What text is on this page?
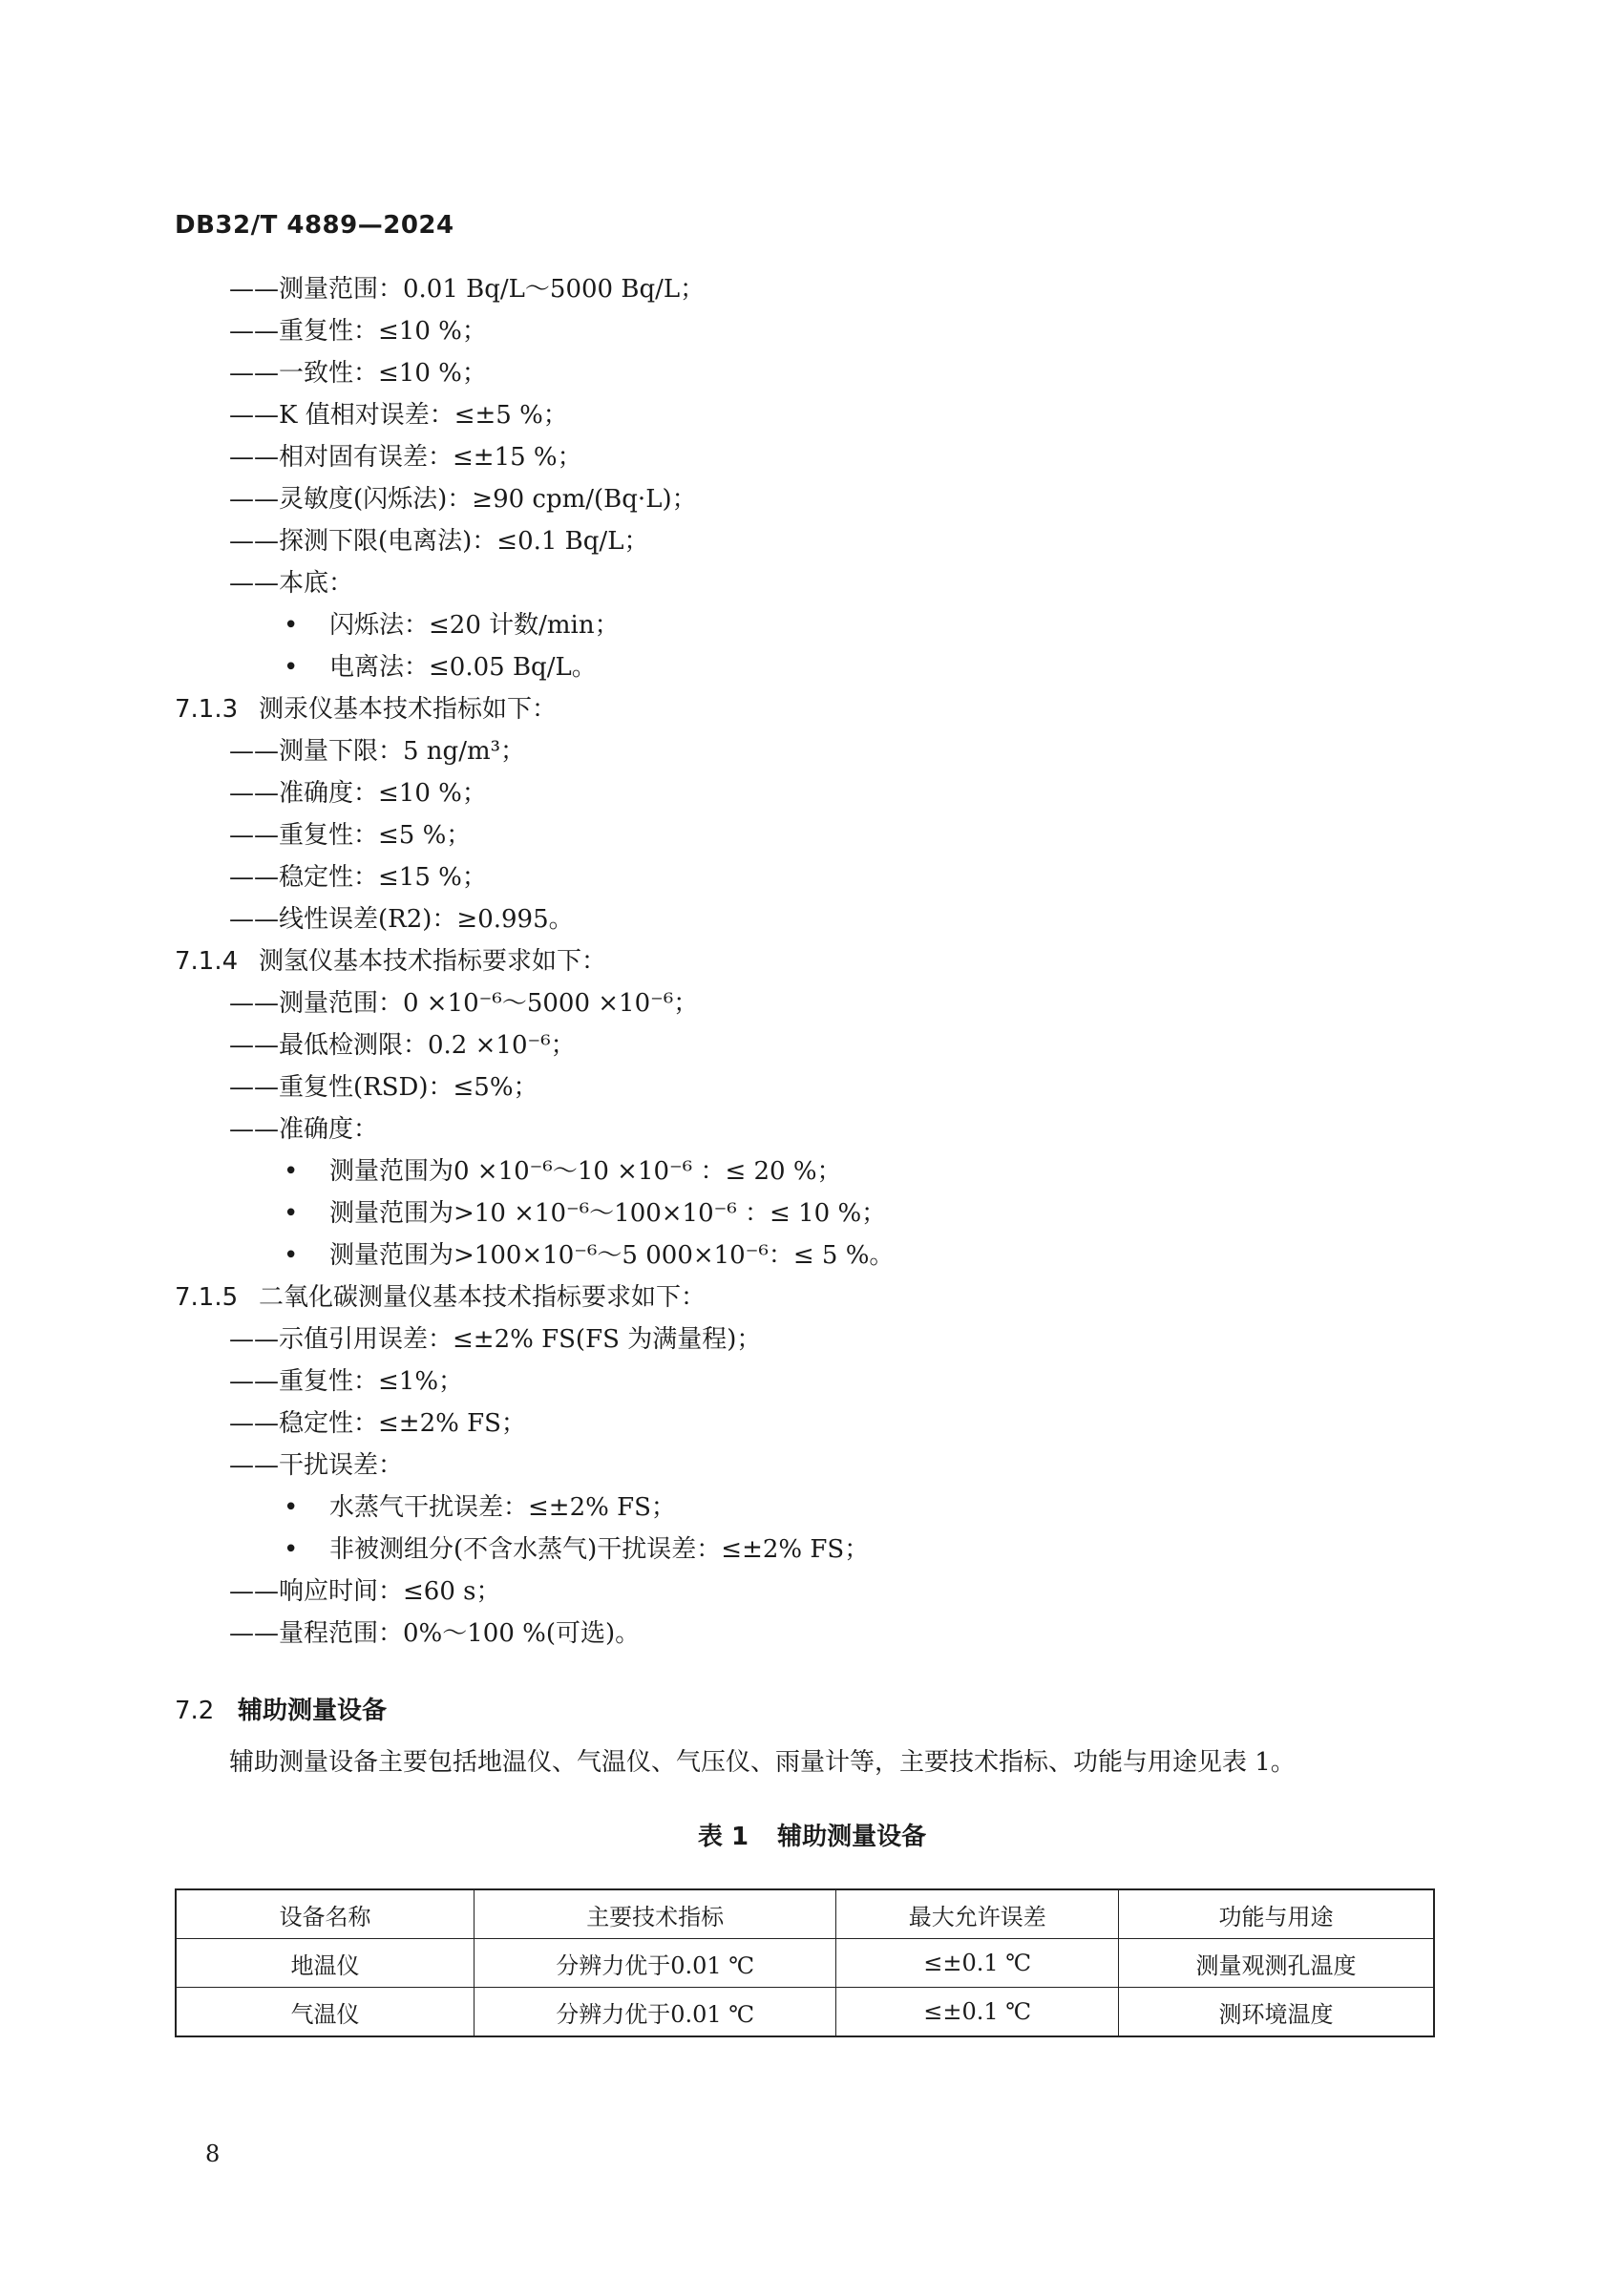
DB32/T 4889—2024
——测量范围：0.01 Bq/L～5000 Bq/L；
——重复性：≤10 %；
——一致性：≤10 %；
——K 值相对误差：≤±5 %；
——相对固有误差：≤±15 %；
——灵敏度(闪烁法)：≥90 cpm/(Bq·L)；
——探测下限(电离法)：≤0.1 Bq/L；
——本底：
• 闪烁法：≤20 计数/min；
• 电离法：≤0.05 Bq/L。
7.1.3 测汞仪基本技术指标如下：
——测量下限：5 ng/m³；
——准确度：≤10 %；
——重复性：≤5 %；
——稳定性：≤15 %；
——线性误差(R2)：≥0.995。
7.1.4 测氢仪基本技术指标要求如下：
——测量范围：0 ×10⁻⁶～5000 ×10⁻⁶；
——最低检测限：0.2 ×10⁻⁶；
——重复性(RSD)：≤5%；
——准确度：
• 测量范围为0 ×10⁻⁶～10 ×10⁻⁶ ：≤ 20 %；
• 测量范围为>10 ×10⁻⁶～100×10⁻⁶ ：≤ 10 %；
• 测量范围为>100×10⁻⁶～5 000×10⁻⁶：≤ 5 %。
7.1.5 二氧化碳测量仪基本技术指标要求如下：
——示值引用误差：≤±2% FS(FS 为满量程)；
——重复性：≤1%；
——稳定性：≤±2% FS；
——干扰误差：
• 水蒸气干扰误差：≤±2% FS；
• 非被测组分(不含水蒸气)干扰误差：≤±2% FS；
——响应时间：≤60 s；
——量程范围：0%～100 %(可选)。
7.2 辅助测量设备
辅助测量设备主要包括地温仪、气温仪、气压仪、雨量计等，主要技术指标、功能与用途见表 1。
表 1 辅助测量设备
设备名称	主要技术指标	最大允许误差	功能与用途
地温仪	分辨力优于0.01 ℃	≤±0.1 ℃	测量观测孔温度
气温仪	分辨力优于0.01 ℃	≤±0.1 ℃	测环境温度
8
